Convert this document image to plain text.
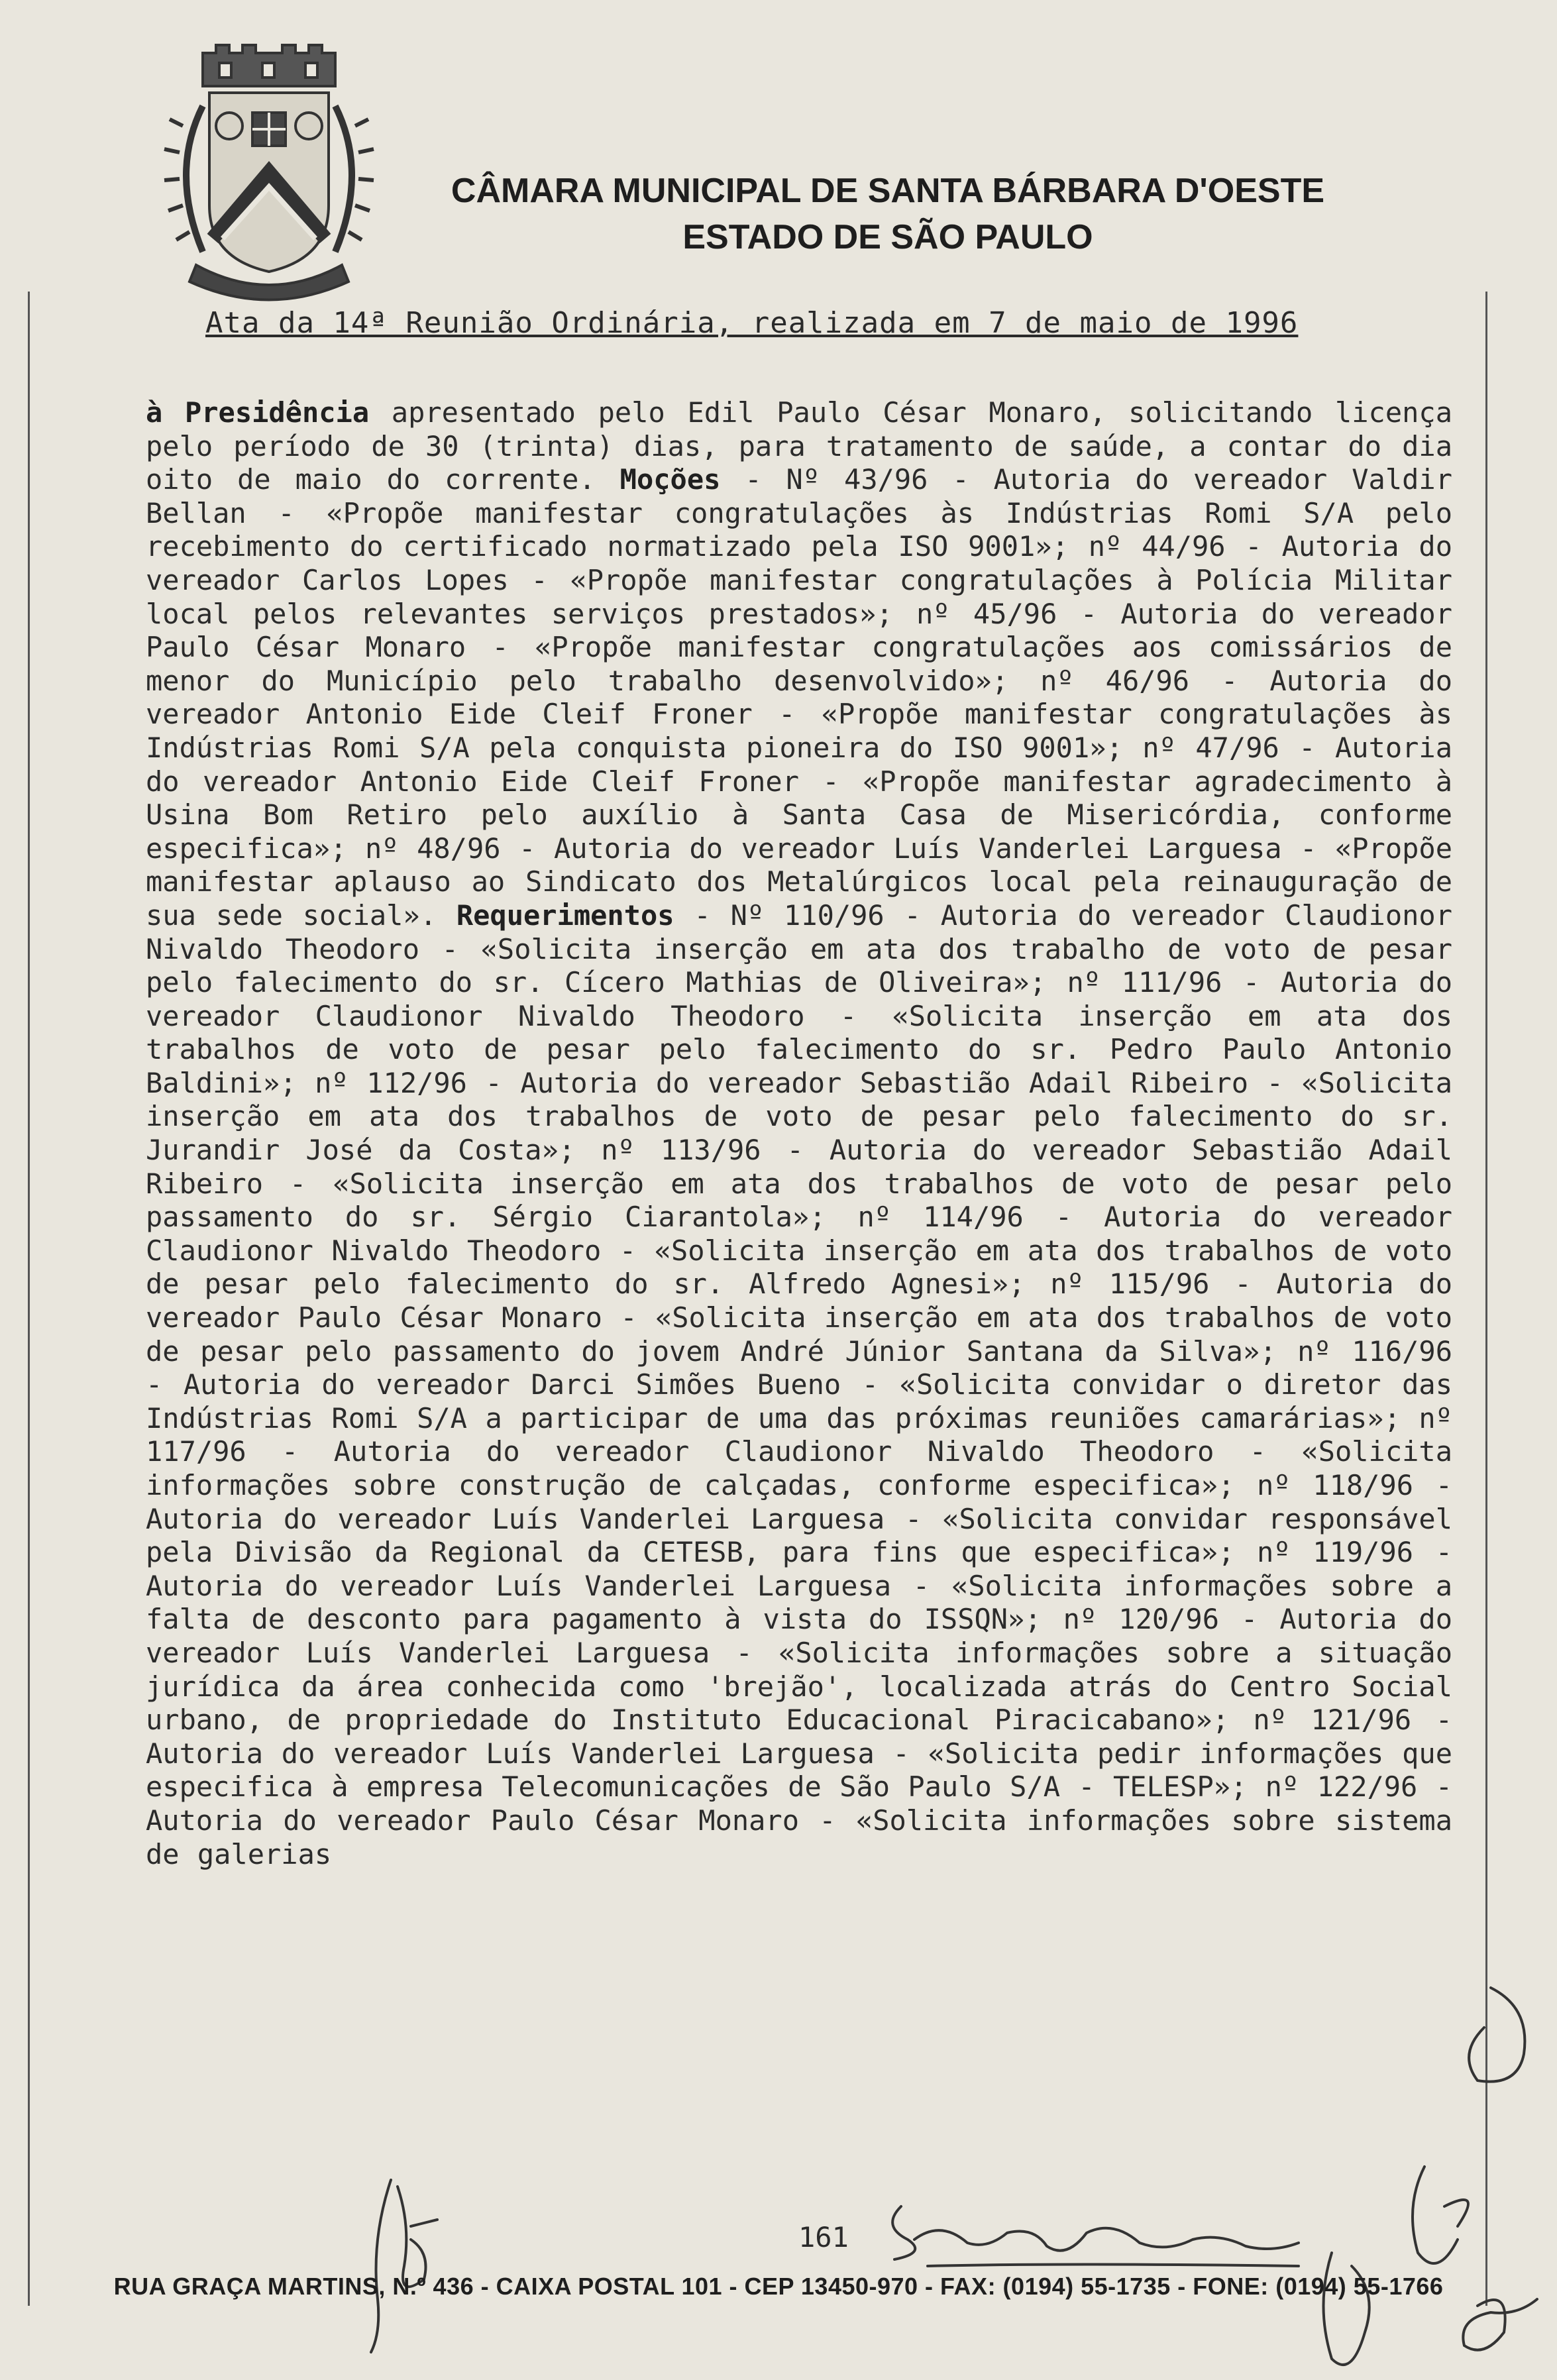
CÂMARA MUNICIPAL DE SANTA BÁRBARA D'OESTE
ESTADO DE SÃO PAULO
Ata da 14ª Reunião Ordinária, realizada em 7 de maio de 1996
à Presidência apresentado pelo Edil Paulo César Monaro, solicitando licença pelo período de 30 (trinta) dias, para tratamento de saúde, a contar do dia oito de maio do corrente. Moções - Nº 43/96 - Autoria do vereador Valdir Bellan - «Propõe manifestar congratulações às Indústrias Romi S/A pelo recebimento do certificado normatizado pela ISO 9001»; nº 44/96 - Autoria do vereador Carlos Lopes - «Propõe manifestar congratulações à Polícia Militar local pelos relevantes serviços prestados»; nº 45/96 - Autoria do vereador Paulo César Monaro - «Propõe manifestar congratulações aos comissários de menor do Município pelo trabalho desenvolvido»; nº 46/96 - Autoria do vereador Antonio Eide Cleif Froner - «Propõe manifestar congratulações às Indústrias Romi S/A pela conquista pioneira do ISO 9001»; nº 47/96 - Autoria do vereador Antonio Eide Cleif Froner - «Propõe manifestar agradecimento à Usina Bom Retiro pelo auxílio à Santa Casa de Misericórdia, conforme especifica»; nº 48/96 - Autoria do vereador Luís Vanderlei Larguesa - «Propõe manifestar aplauso ao Sindicato dos Metalúrgicos local pela reinauguração de sua sede social». Requerimentos - Nº 110/96 - Autoria do vereador Claudionor Nivaldo Theodoro - «Solicita inserção em ata dos trabalho de voto de pesar pelo falecimento do sr. Cícero Mathias de Oliveira»; nº 111/96 - Autoria do vereador Claudionor Nivaldo Theodoro - «Solicita inserção em ata dos trabalhos de voto de pesar pelo falecimento do sr. Pedro Paulo Antonio Baldini»; nº 112/96 - Autoria do vereador Sebastião Adail Ribeiro - «Solicita inserção em ata dos trabalhos de voto de pesar pelo falecimento do sr. Jurandir José da Costa»; nº 113/96 - Autoria do vereador Sebastião Adail Ribeiro - «Solicita inserção em ata dos trabalhos de voto de pesar pelo passamento do sr. Sérgio Ciarantola»; nº 114/96 - Autoria do vereador Claudionor Nivaldo Theodoro - «Solicita inserção em ata dos trabalhos de voto de pesar pelo falecimento do sr. Alfredo Agnesi»; nº 115/96 - Autoria do vereador Paulo César Monaro - «Solicita inserção em ata dos trabalhos de voto de pesar pelo passamento do jovem André Júnior Santana da Silva»; nº 116/96 - Autoria do vereador Darci Simões Bueno - «Solicita convidar o diretor das Indústrias Romi S/A a participar de uma das próximas reuniões camarárias»; nº 117/96 - Autoria do vereador Claudionor Nivaldo Theodoro - «Solicita informações sobre construção de calçadas, conforme especifica»; nº 118/96 - Autoria do vereador Luís Vanderlei Larguesa - «Solicita convidar responsável pela Divisão da Regional da CETESB, para fins que especifica»; nº 119/96 - Autoria do vereador Luís Vanderlei Larguesa - «Solicita informações sobre a falta de desconto para pagamento à vista do ISSQN»; nº 120/96 - Autoria do vereador Luís Vanderlei Larguesa - «Solicita informações sobre a situação jurídica da área conhecida como 'brejão', localizada atrás do Centro Social urbano, de propriedade do Instituto Educacional Piracicabano»; nº 121/96 - Autoria do vereador Luís Vanderlei Larguesa - «Solicita pedir informações que especifica à empresa Telecomunicações de São Paulo S/A - TELESP»; nº 122/96 - Autoria do vereador Paulo César Monaro - «Solicita informações sobre sistema de galerias
161
RUA GRAÇA MARTINS, N.º 436 - CAIXA POSTAL 101 - CEP 13450-970 - FAX: (0194) 55-1735 - FONE: (0194) 55-1766
